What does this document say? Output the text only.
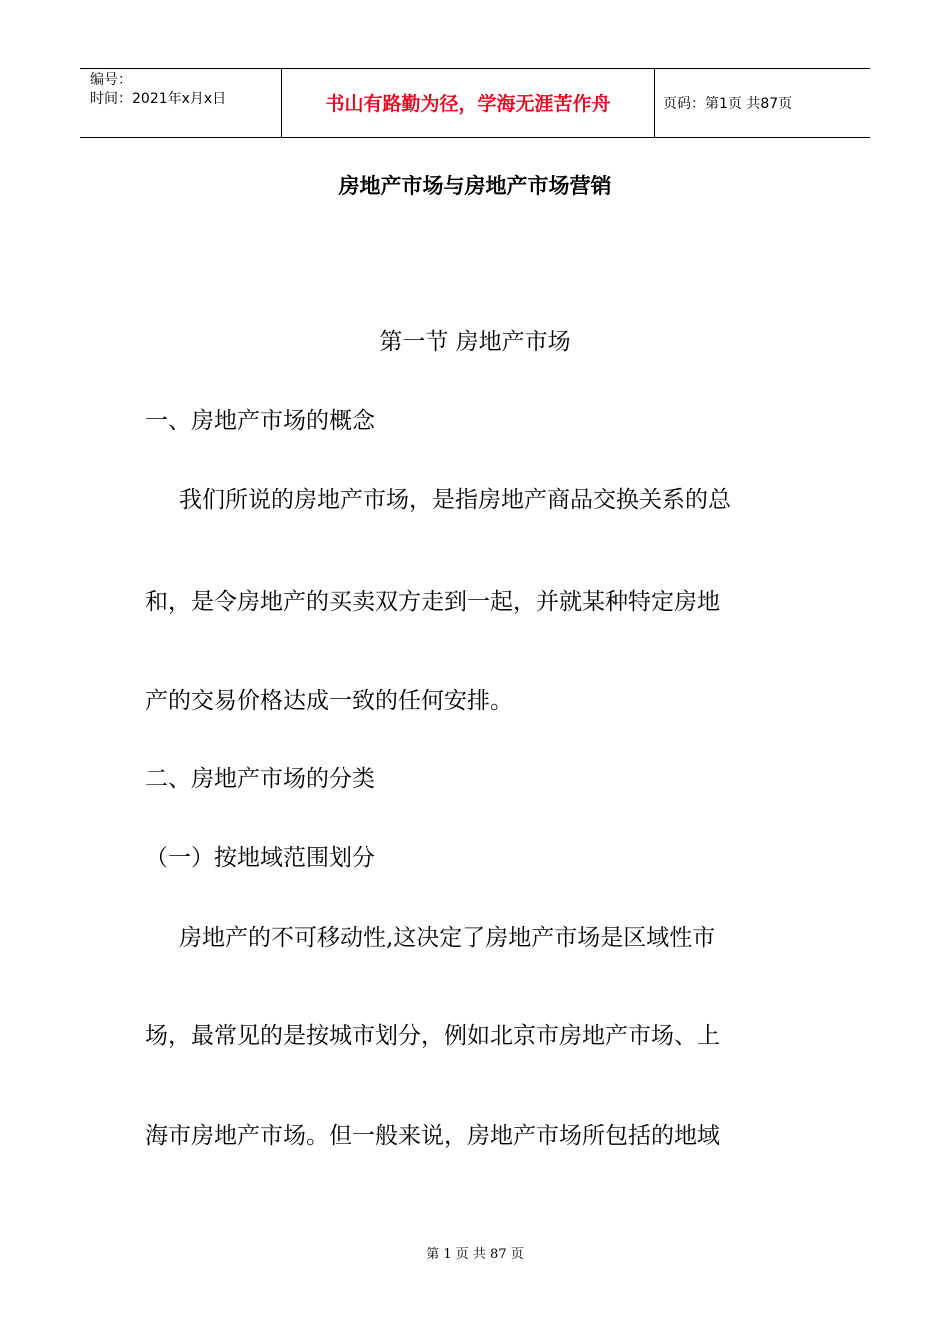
编号：
时间：2021年x月x日	书山有路勤为径，学海无涯苦作舟	页码：第1页 共87页
房地产市场与房地产市场营销
第一节 房地产市场
一、房地产市场的概念
我们所说的房地产市场，是指房地产商品交换关系的总
和，是令房地产的买卖双方走到一起，并就某种特定房地
产的交易价格达成一致的任何安排。
二、房地产市场的分类
（一）按地域范围划分
房地产的不可移动性,这决定了房地产市场是区域性市
场，最常见的是按城市划分，例如北京市房地产市场、上
海市房地产市场。但一般来说，房地产市场所包括的地域
第 1 页 共 87 页
